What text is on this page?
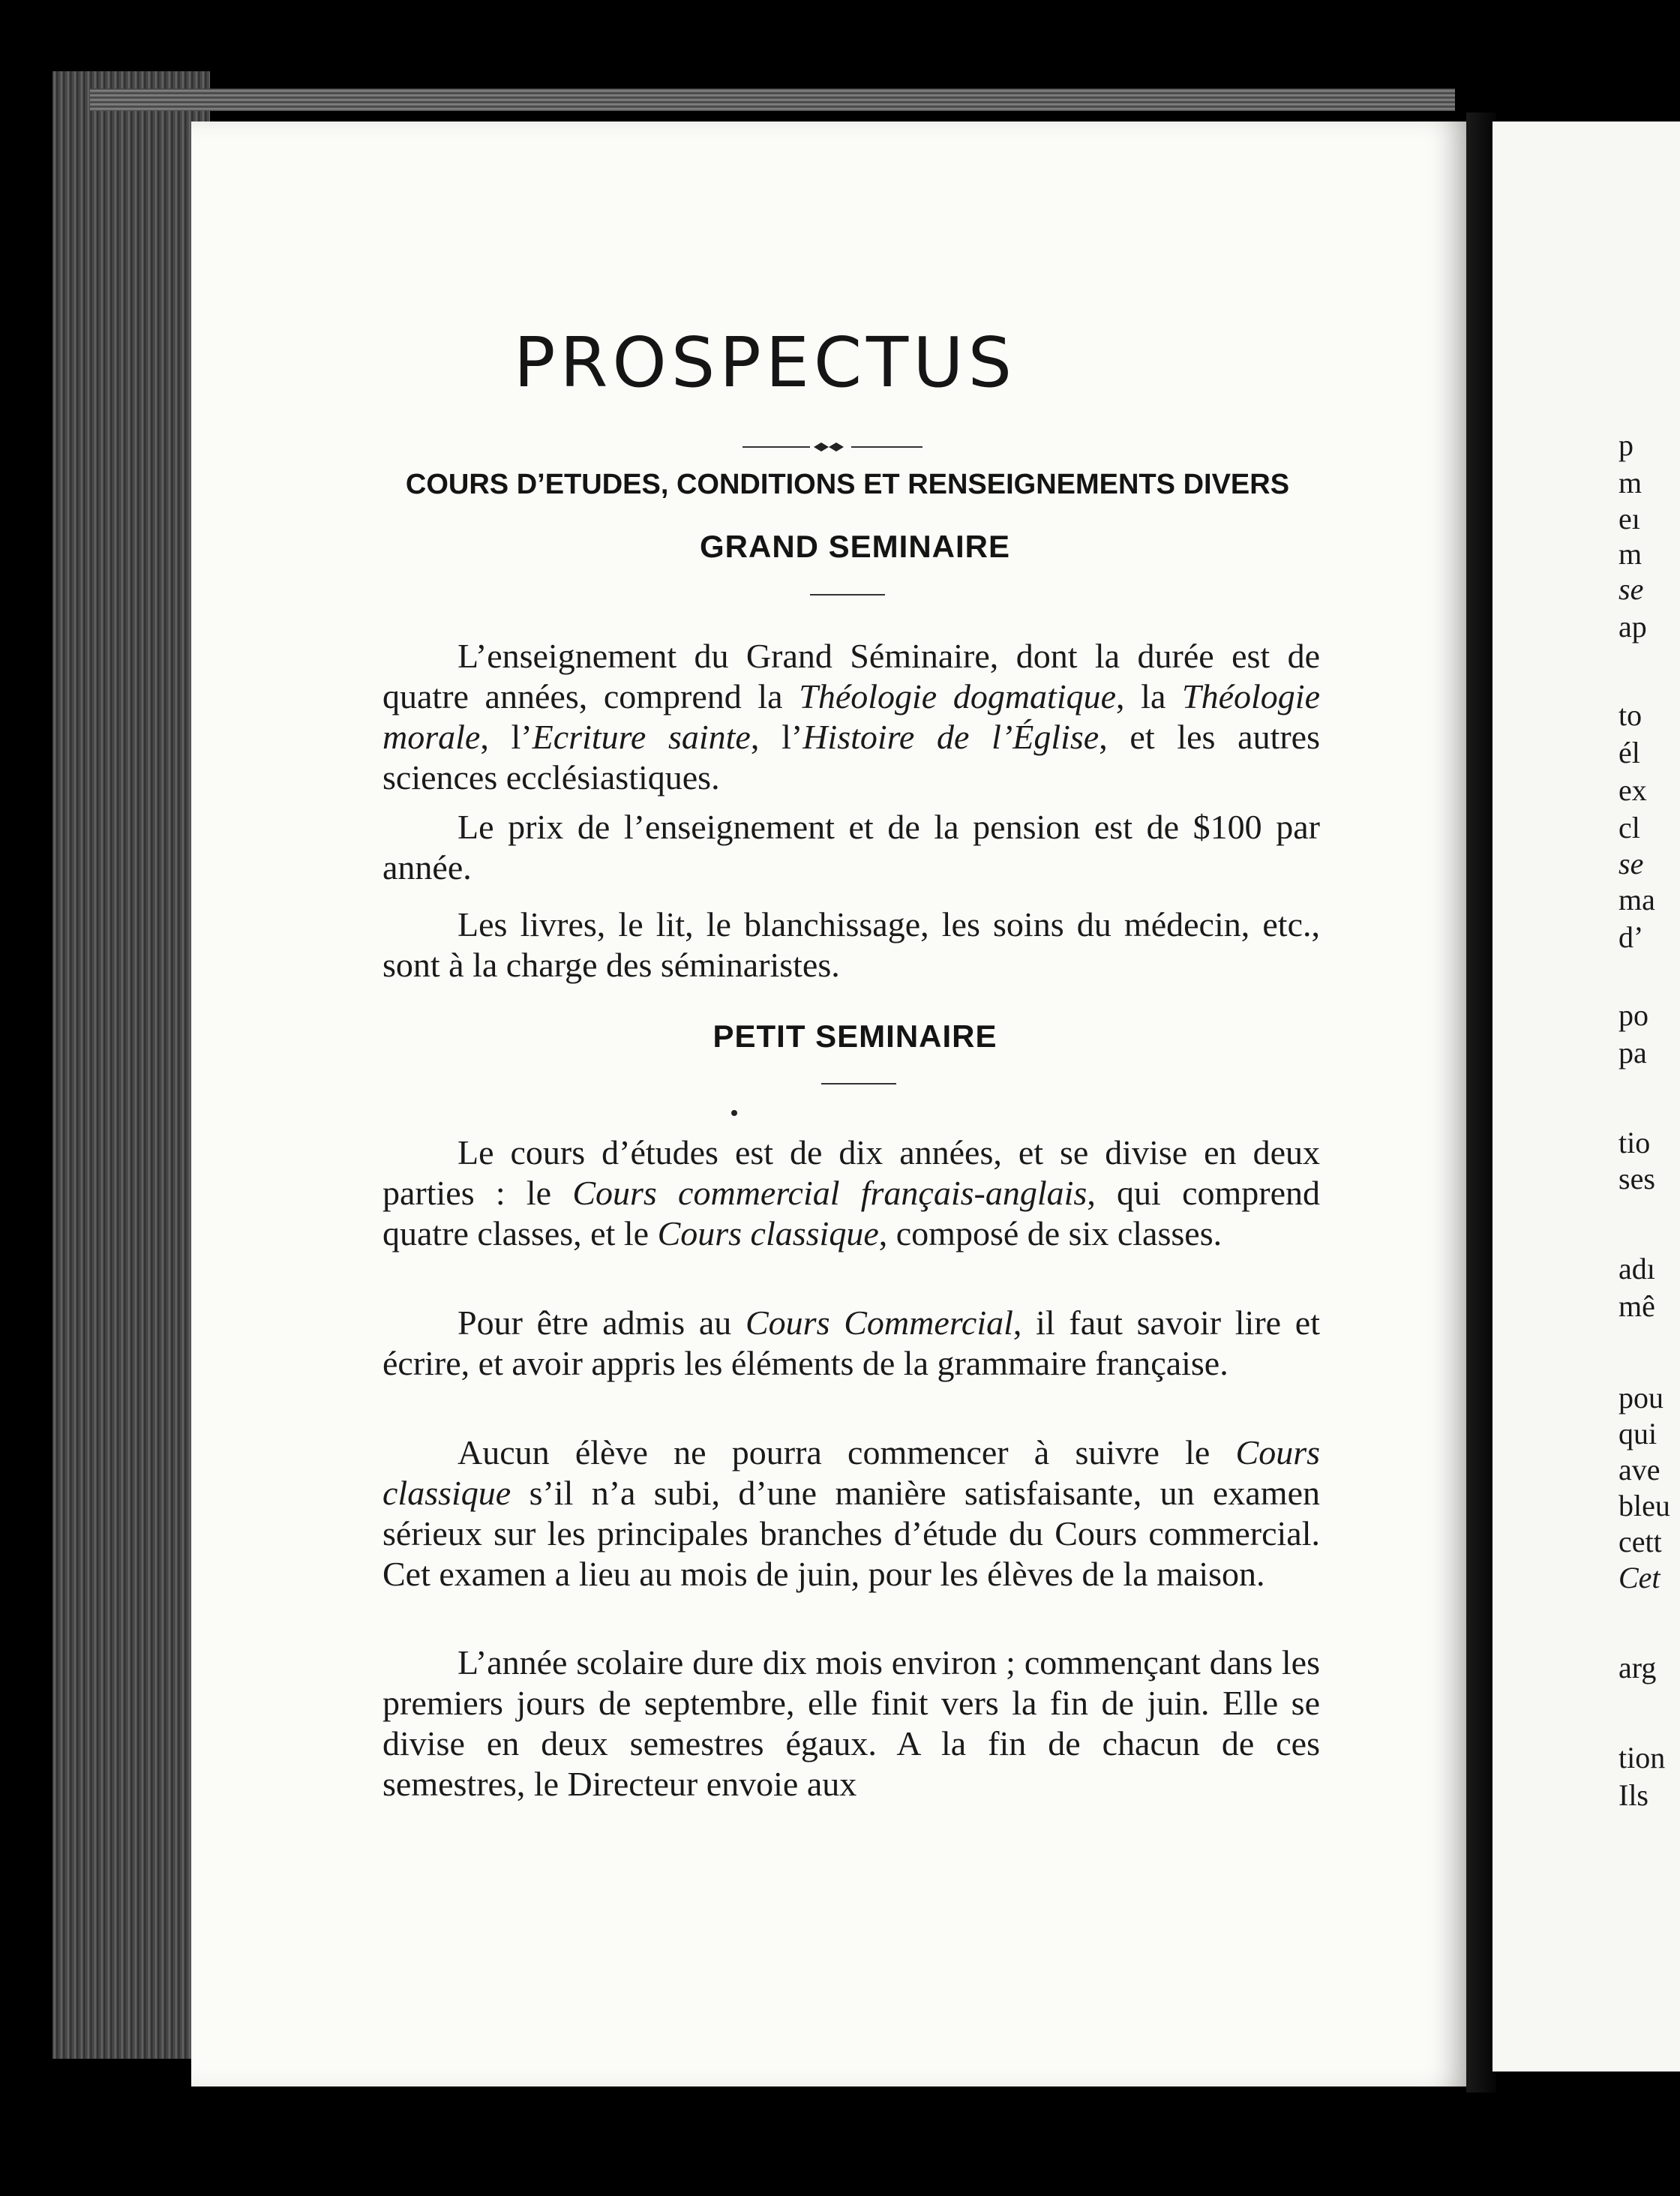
PROSPECTUS
COURS D’ETUDES, CONDITIONS ET RENSEIGNEMENTS DIVERS
GRAND SEMINAIRE

L’enseignement du Grand Séminaire, dont la durée est de quatre années, comprend la Théologie dogmatique, la Théologie morale, l’Ecriture sainte, l’Histoire de l’Église, et les autres sciences ecclésiastiques.

Le prix de l’enseignement et de la pension est de $100 par année.

Les livres, le lit, le blanchissage, les soins du médecin, etc., sont à la charge des séminaristes.

PETIT SEMINAIRE

Le cours d’études est de dix années, et se divise en deux parties : le Cours commercial français-anglais, qui comprend quatre classes, et le Cours classique, composé de six classes.

Pour être admis au Cours Commercial, il faut savoir lire et écrire, et avoir appris les éléments de la grammaire française.

Aucun élève ne pourra commencer à suivre le Cours classique s’il n’a subi, d’une manière satisfaisante, un examen sérieux sur les principales branches d’étude du Cours commercial. Cet examen a lieu au mois de juin, pour les élèves de la maison.

L’année scolaire dure dix mois environ ; commençant dans les premiers jours de septembre, elle finit vers la fin de juin. Elle se divise en deux semestres égaux. A la fin de chacun de ces semestres, le Directeur envoie aux

p

m

eı

m

se

ap

to

él

ex

cl

se

ma

d’

po

pa

tio

ses

adı

mê

pou

qui

ave

bleu

cett

Cet

arg

tion

Ils
